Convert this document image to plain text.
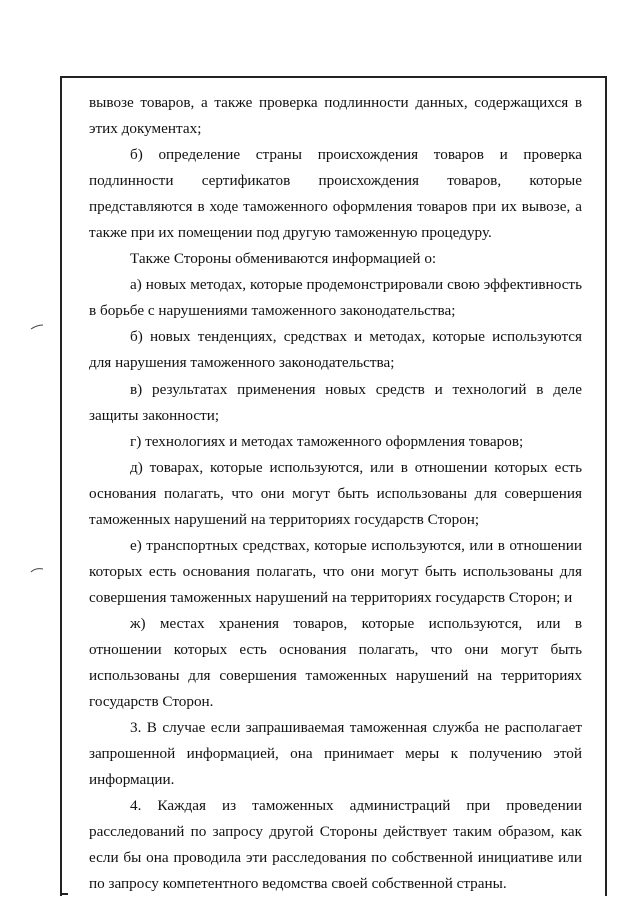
вывозе товаров, а также проверка подлинности данных, содержащихся в этих документах;

б) определение страны происхождения товаров и проверка подлинности сертификатов происхождения товаров, которые представляются в ходе таможенного оформления товаров при их вывозе, а также при их помещении под другую таможенную процедуру.

Также Стороны обмениваются информацией о:

а) новых методах, которые продемонстрировали свою эффективность в борьбе с нарушениями таможенного законодательства;

б) новых тенденциях, средствах и методах, которые используются для нарушения таможенного законодательства;

в) результатах применения новых средств и технологий в деле защиты законности;

г) технологиях и методах таможенного оформления товаров;

д) товарах, которые используются, или в отношении которых есть основания полагать, что они могут быть использованы для совершения таможенных нарушений на территориях государств Сторон;

е) транспортных средствах, которые используются, или в отношении которых есть основания полагать, что они могут быть использованы для совершения таможенных нарушений на территориях государств Сторон; и

ж) местах хранения товаров, которые используются, или в отношении которых есть основания полагать, что они могут быть использованы для совершения таможенных нарушений на территориях государств Сторон.

3. В случае если запрашиваемая таможенная служба не располагает запрошенной информацией, она принимает меры к получению этой информации.

4. Каждая из таможенных администраций при проведении расследований по запросу другой Стороны действует таким образом, как если бы она проводила эти расследования по собственной инициативе или по запросу компетентного ведомства своей собственной страны.
